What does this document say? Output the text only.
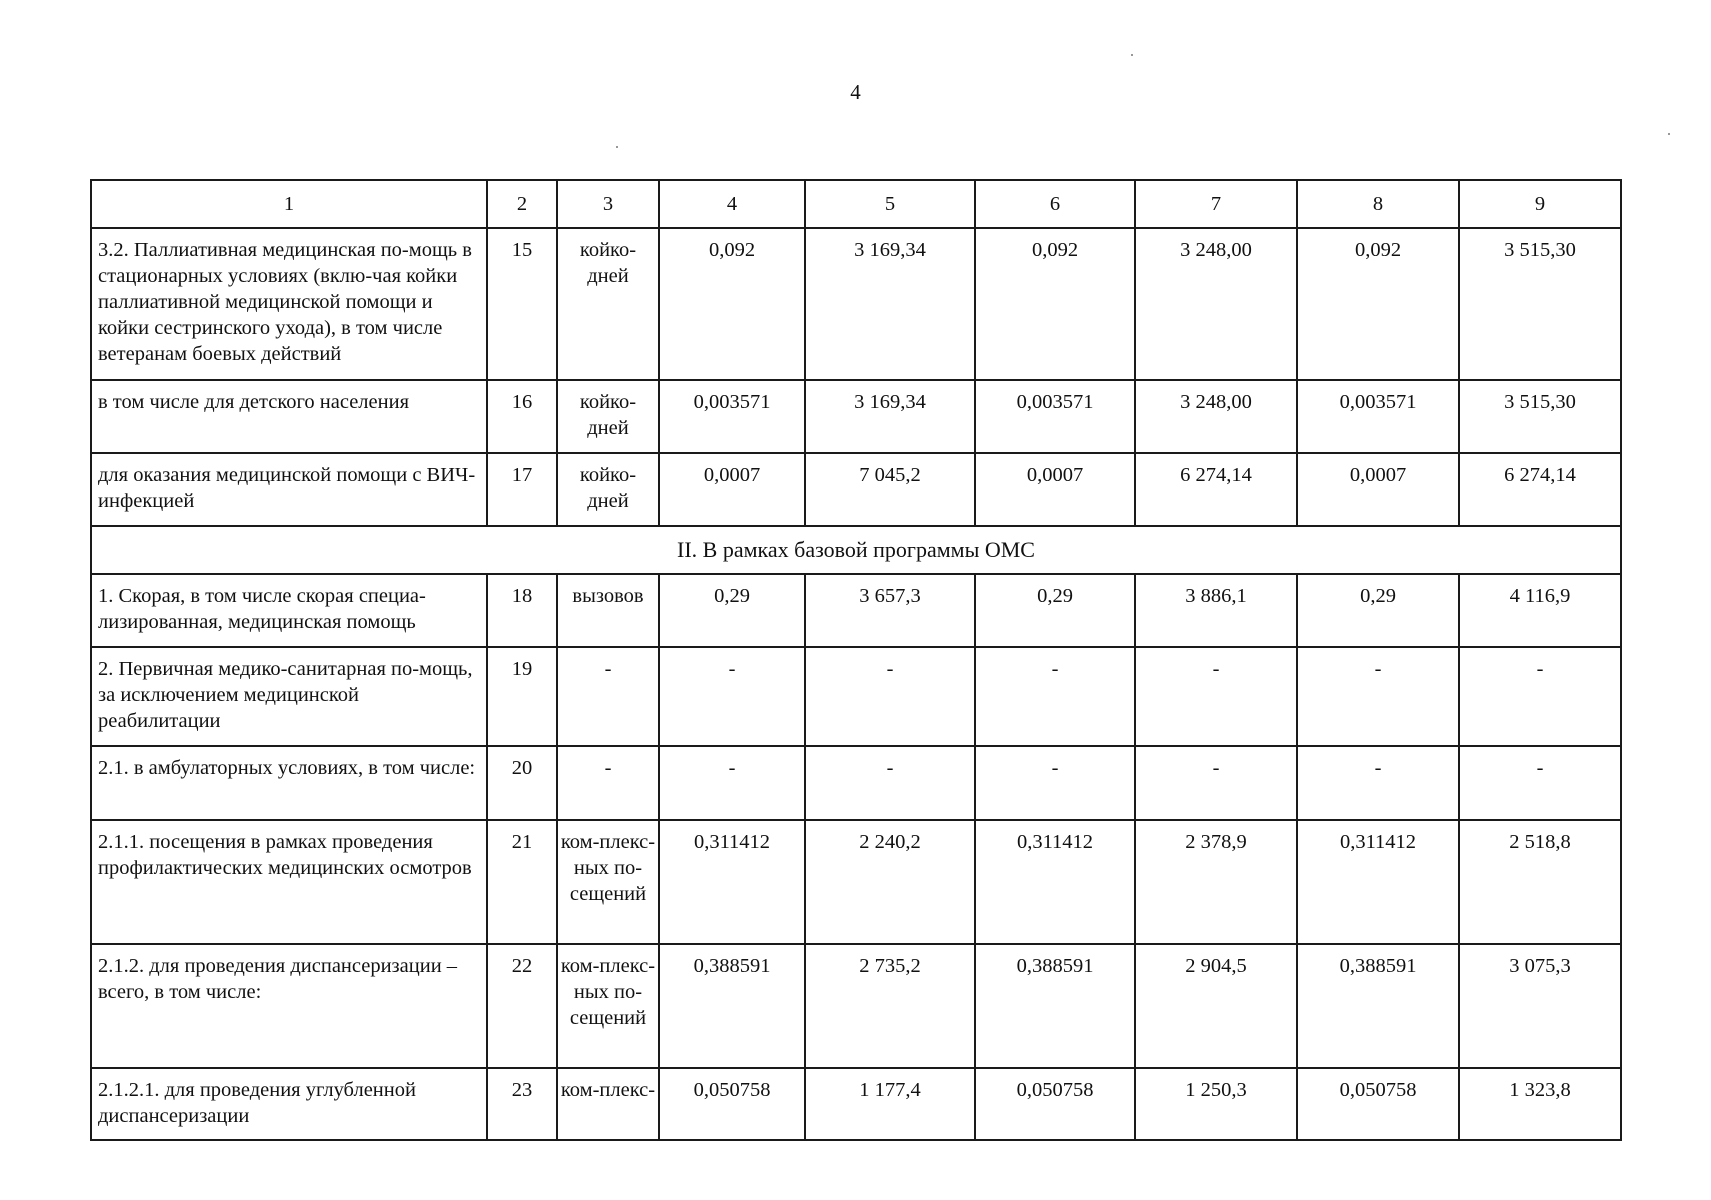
4
1	2	3	4	5	6	7	8	9
3.2. Паллиативная медицинская по-мощь в стационарных условиях (вклю-чая койки паллиативной медицинской помощи и койки сестринского ухода), в том числе ветеранам боевых действий	15	койко-дней	0,092	3 169,34	0,092	3 248,00	0,092	3 515,30
в том числе для детского населения	16	койко-дней	0,003571	3 169,34	0,003571	3 248,00	0,003571	3 515,30
для оказания медицинской помощи с ВИЧ-инфекцией	17	койко-дней	0,0007	7 045,2	0,0007	6 274,14	0,0007	6 274,14
II. В рамках базовой программы ОМС								
1. Скорая, в том числе скорая специа-лизированная, медицинская помощь	18	вызовов	0,29	3 657,3	0,29	3 886,1	0,29	4 116,9
2. Первичная медико-санитарная по-мощь, за исключением медицинской реабилитации	19	-	-	-	-	-	-	-
2.1. в амбулаторных условиях, в том числе:	20	-	-	-	-	-	-	-
2.1.1. посещения в рамках проведения профилактических медицинских осмотров	21	ком-плекс-ных по-сещений	0,311412	2 240,2	0,311412	2 378,9	0,311412	2 518,8
2.1.2. для проведения диспансеризации – всего, в том числе:	22	ком-плекс-ных по-сещений	0,388591	2 735,2	0,388591	2 904,5	0,388591	3 075,3
2.1.2.1. для проведения углубленной диспансеризации	23	ком-плекс-	0,050758	1 177,4	0,050758	1 250,3	0,050758	1 323,8
